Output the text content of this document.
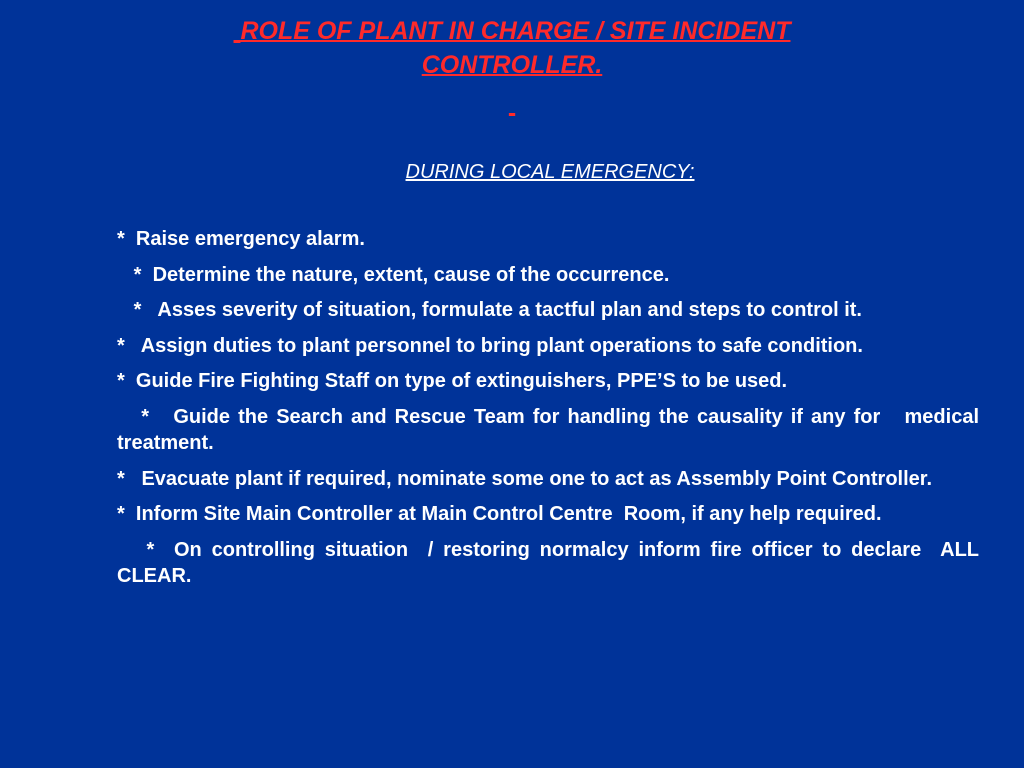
ROLE OF PLANT IN CHARGE / SITE INCIDENT
CONTROLLER.
-
DURING LOCAL EMERGENCY:
*  Raise emergency alarm.
*  Determine the nature, extent, cause of the occurrence.
*   Asses severity of situation, formulate a tactful plan and steps to control it.
*   Assign duties to plant personnel to bring plant operations to safe condition.
*  Guide Fire Fighting Staff on type of extinguishers, PPE’S to be used.
*   Guide the Search and Rescue Team for handling the causality if any for   medical treatment.
*   Evacuate plant if required, nominate some one to act as Assembly Point Controller.
*  Inform Site Main Controller at Main Control Centre  Room, if any help required.
*  On controlling situation  / restoring normalcy inform fire officer to declare  ALL CLEAR.
